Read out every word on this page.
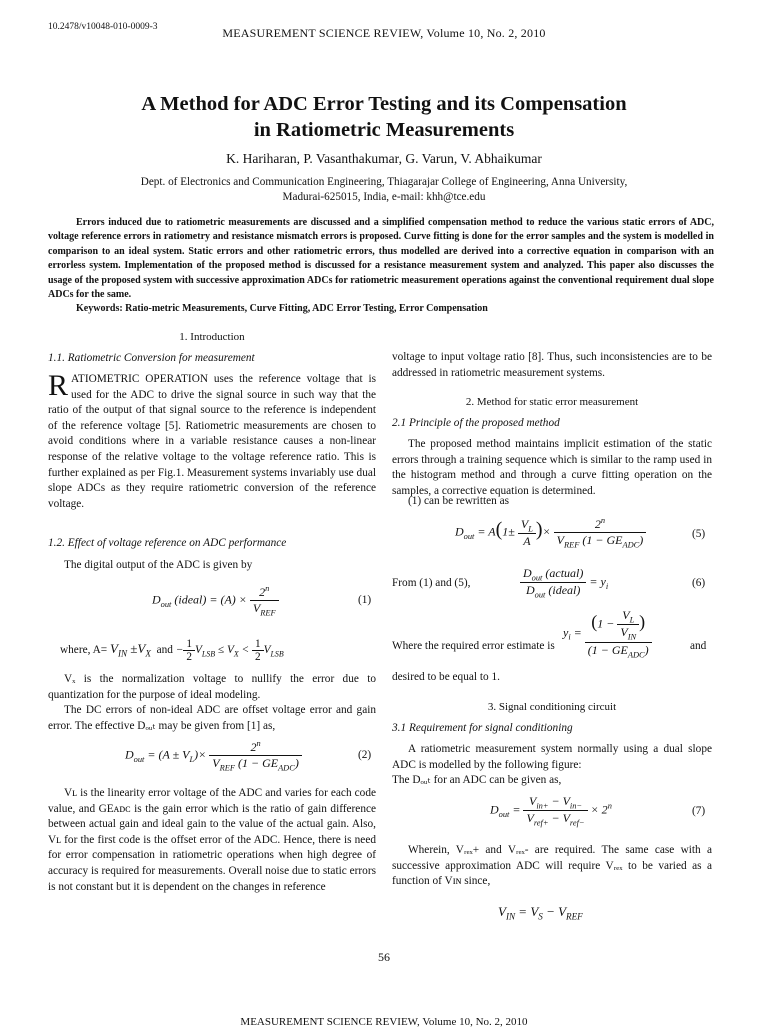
10.2478/v10048-010-0009-3	MEASUREMENT SCIENCE REVIEW, Volume 10, No. 2, 2010
A Method for ADC Error Testing and its Compensation
in Ratiometric Measurements
K. Hariharan, P. Vasanthakumar, G. Varun, V. Abhaikumar
Dept. of Electronics and Communication Engineering, Thiagarajar College of Engineering, Anna University,
Madurai-625015, India, e-mail: khh@tce.edu
Errors induced due to ratiometric measurements are discussed and a simplified compensation method to reduce the various static errors of ADC, voltage reference errors in ratiometry and resistance mismatch errors is proposed. Curve fitting is done for the error samples and the system is modelled in comparison to an ideal system. Static errors and other ratiometric errors, thus modelled are derived into a corrective equation in comparison with an errorless system. Implementation of the proposed method is discussed for a resistance measurement system and analyzed. This paper also discusses the usage of the proposed system with successive approximation ADCs for ratiometric measurement operations against the conventional requirement dual slope ADCs for the same.
Keywords: Ratio-metric Measurements, Curve Fitting, ADC Error Testing, Error Compensation
1. Introduction
1.1. Ratiometric Conversion for measurement
RATIOMETRIC OPERATION uses the reference voltage that is used for the ADC to drive the signal source in such way that the ratio of the output of that signal source to the reference is independent of the reference voltage [5]. Ratiometric measurements are chosen to avoid conditions where in a variable resistance causes a non-linear response of the relative voltage to the voltage reference ratio. This is further explained as per Fig.1. Measurement systems invariably use dual slope ADCs as they require ratiometric conversion of the reference voltage.
1.2. Effect of voltage reference on ADC performance
The digital output of the ADC is given by
$D_{out}$ (ideal) = $(A) \times \frac{2^n}{V_{REF}}$	(1)
where, $A= V_{IN} \pm V_X$ and − $\frac{1}{2} V_{LSB} \le V_X < \frac{1}{2} V_{LSB}$
Vₓ is the normalization voltage to nullify the error due to quantization for the purpose of ideal modeling.
The DC errors of non-ideal ADC are offset voltage error and gain error. The effective Dₒᵤₜ may be given from [1] as,
$D_{out} = (A \pm V_L)\times \frac{2^n}{V_{REF} (1 - GE_{ADC})}$	(2)
Vʟ is the linearity error voltage of the ADC and varies for each code value, and GEᴀᴅᴄ is the gain error which is the ratio of gain difference between actual gain and ideal gain to the value of the actual gain. Also, Vʟ for the first code is the offset error of the ADC. Hence, there is need for error compensation in ratiometric operations when high degree of accuracy is required for measurements. Overall noise due to static errors is not constant but it is dependent on the changes in reference
voltage to input voltage ratio [8]. Thus, such inconsistencies are to be addressed in ratiometric measurement systems.
2. Method for static error measurement
2.1 Principle of the proposed method
The proposed method maintains implicit estimation of the static errors through a training sequence which is similar to the ramp used in the histogram method and through a curve fitting operation on the samples, a corrective equation is determined.
(1) can be rewritten as
$D_{out} = A(1\pm \frac{V_L}{A}$ )× $\frac{2^n}{V_{REF} (1 - GE_{ADC})}$	(5)
From (1) and (5),	$\frac{D_{out} (actual)}{D_{out} (ideal)} = y_i$	(6)
Where the required error estimate is
$y_i = \frac{(1 - \frac{V_L}{V_{IN}} )}{(1 - GE_{ADC})}$	and
desired to be equal to 1.
3. Signal conditioning circuit
3.1 Requirement for signal conditioning
A ratiometric measurement system normally using a dual slope ADC is modelled by the following figure:
The Dₒᵤₜ for an ADC can be given as,
$D_{out} = \frac{V_{in+} - V_{in-}}{V_{ref+} - V_{ref-}} \times 2^n$	(7)
Wherein, Vᵣₑₓ+ and Vᵣₑₓ- are required. The same case with a successive approximation ADC will require Vᵣₑₓ to be varied as a function of Vɪɴ since,
$V_{IN} = V_S - V_{REF}$
56
MEASUREMENT SCIENCE REVIEW, Volume 10, No. 2, 2010
